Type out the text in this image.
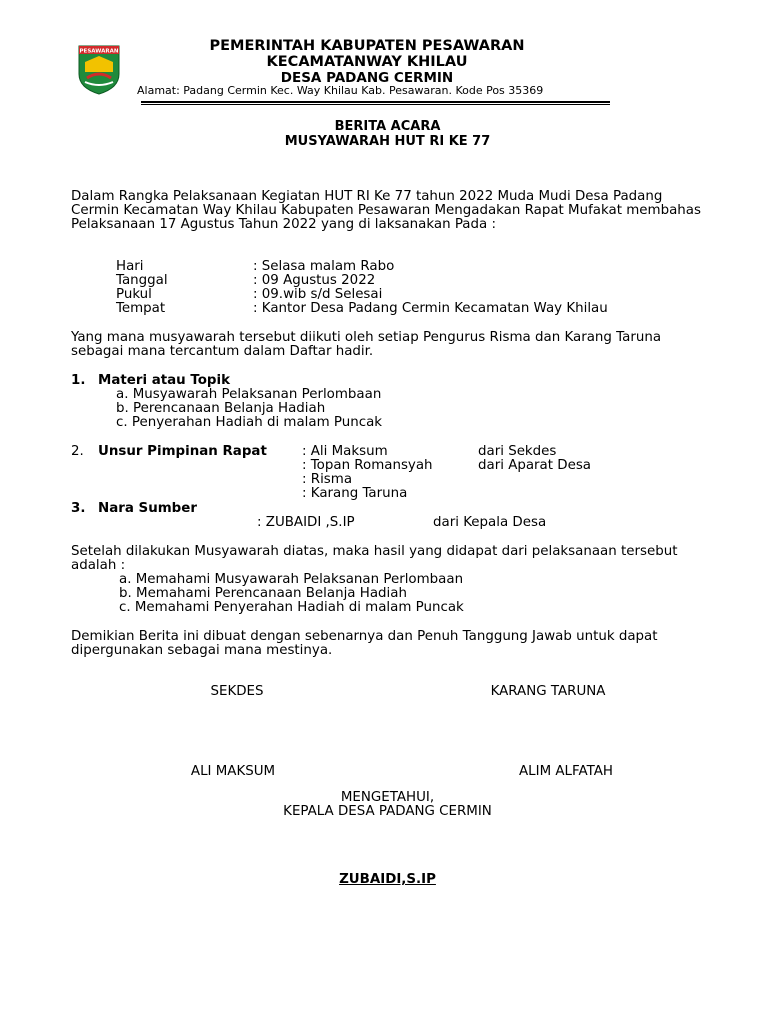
PESAWARAN	PEMERINTAH KABUPATEN PESAWARAN
KECAMATANWAY KHILAU
DESA PADANG CERMIN
Alamat: Padang Cermin Kec. Way Khilau Kab. Pesawaran. Kode Pos 35369
BERITA ACARA
MUSYAWARAH HUT RI KE 77
Dalam Rangka Pelaksanaan Kegiatan HUT RI Ke 77 tahun 2022 Muda Mudi Desa Padang Cermin Kecamatan Way Khilau Kabupaten Pesawaran Mengadakan Rapat Mufakat membahas Pelaksanaan 17 Agustus Tahun 2022 yang di laksanakan Pada :
Hari	: Selasa malam Rabo
Tanggal	: 09 Agustus 2022
Pukul	: 09.wib s/d Selesai
Tempat	: Kantor Desa Padang Cermin Kecamatan Way Khilau
Yang mana musyawarah tersebut diikuti oleh setiap Pengurus Risma dan Karang Taruna sebagai mana tercantum dalam Daftar hadir.
1. Materi atau Topik
a. Musyawarah Pelaksanan Perlombaan
b. Perencanaan Belanja Hadiah
c. Penyerahan Hadiah di malam Puncak
2. Unsur Pimpinan Rapat	: Ali Maksum	dari Sekdes
: Topan Romansyah	dari Aparat Desa
: Risma
: Karang Taruna
3. Nara Sumber
: ZUBAIDI ,S.IP	dari Kepala Desa
Setelah dilakukan Musyawarah diatas, maka hasil yang didapat dari pelaksanaan tersebut adalah :
a. Memahami Musyawarah Pelaksanan Perlombaan
b. Memahami Perencanaan Belanja Hadiah
c. Memahami Penyerahan Hadiah di malam Puncak
Demikian Berita ini dibuat dengan sebenarnya dan Penuh Tanggung Jawab untuk dapat dipergunakan sebagai mana mestinya.
SEKDES	KARANG TARUNA
ALI MAKSUM	ALIM ALFATAH
MENGETAHUI,
KEPALA DESA PADANG CERMIN
ZUBAIDI,S.IP
